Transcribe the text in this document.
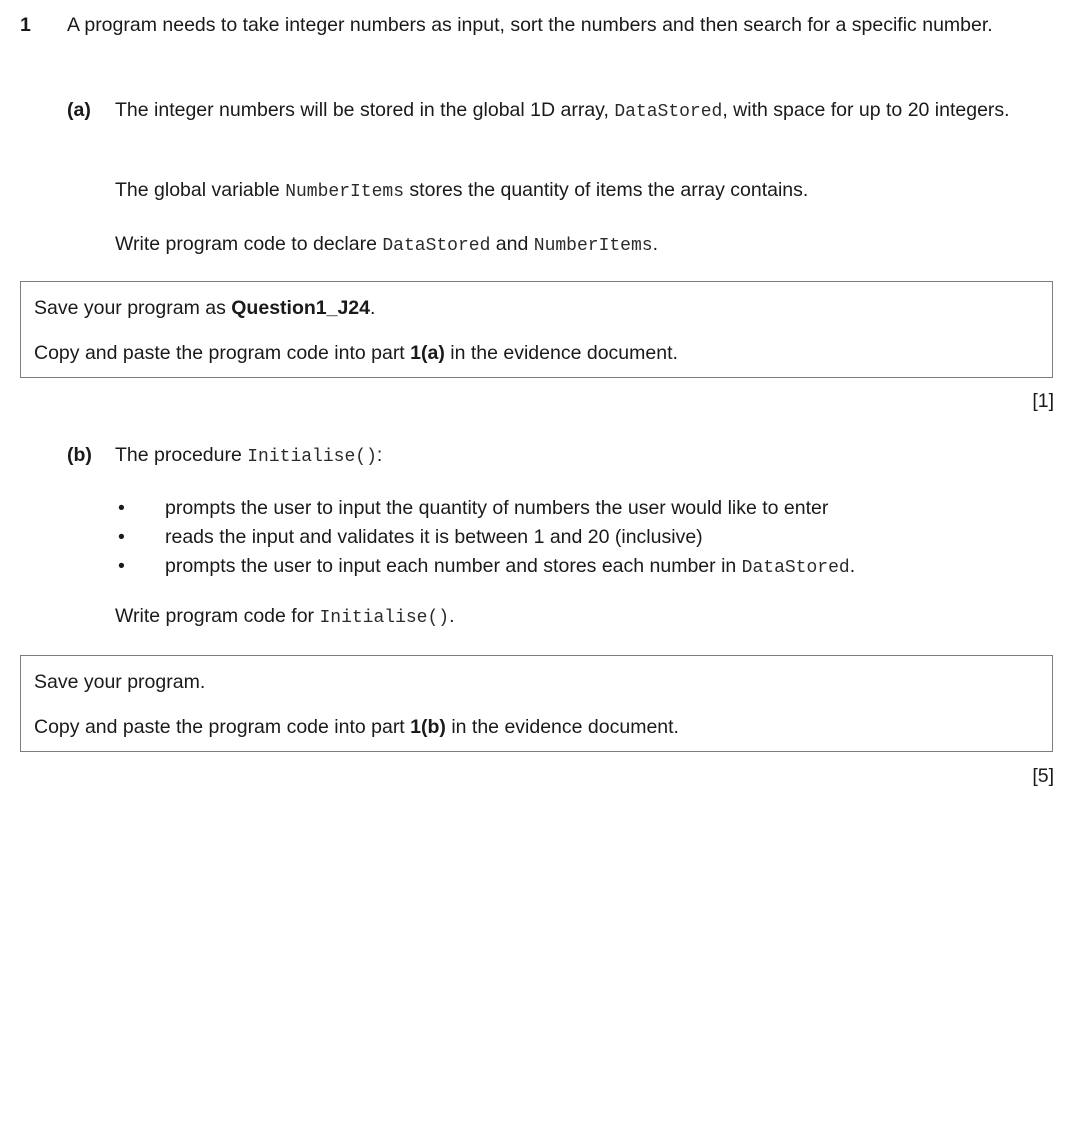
1 A program needs to take integer numbers as input, sort the numbers and then search for a specific number.
(a) The integer numbers will be stored in the global 1D array, DataStored, with space for up to 20 integers.
The global variable NumberItems stores the quantity of items the array contains.
Write program code to declare DataStored and NumberItems.
Save your program as Question1_J24.
Copy and paste the program code into part 1(a) in the evidence document.
[1]
(b) The procedure Initialise():
• prompts the user to input the quantity of numbers the user would like to enter
• reads the input and validates it is between 1 and 20 (inclusive)
• prompts the user to input each number and stores each number in DataStored.
Write program code for Initialise().
Save your program.
Copy and paste the program code into part 1(b) in the evidence document.
[5]
